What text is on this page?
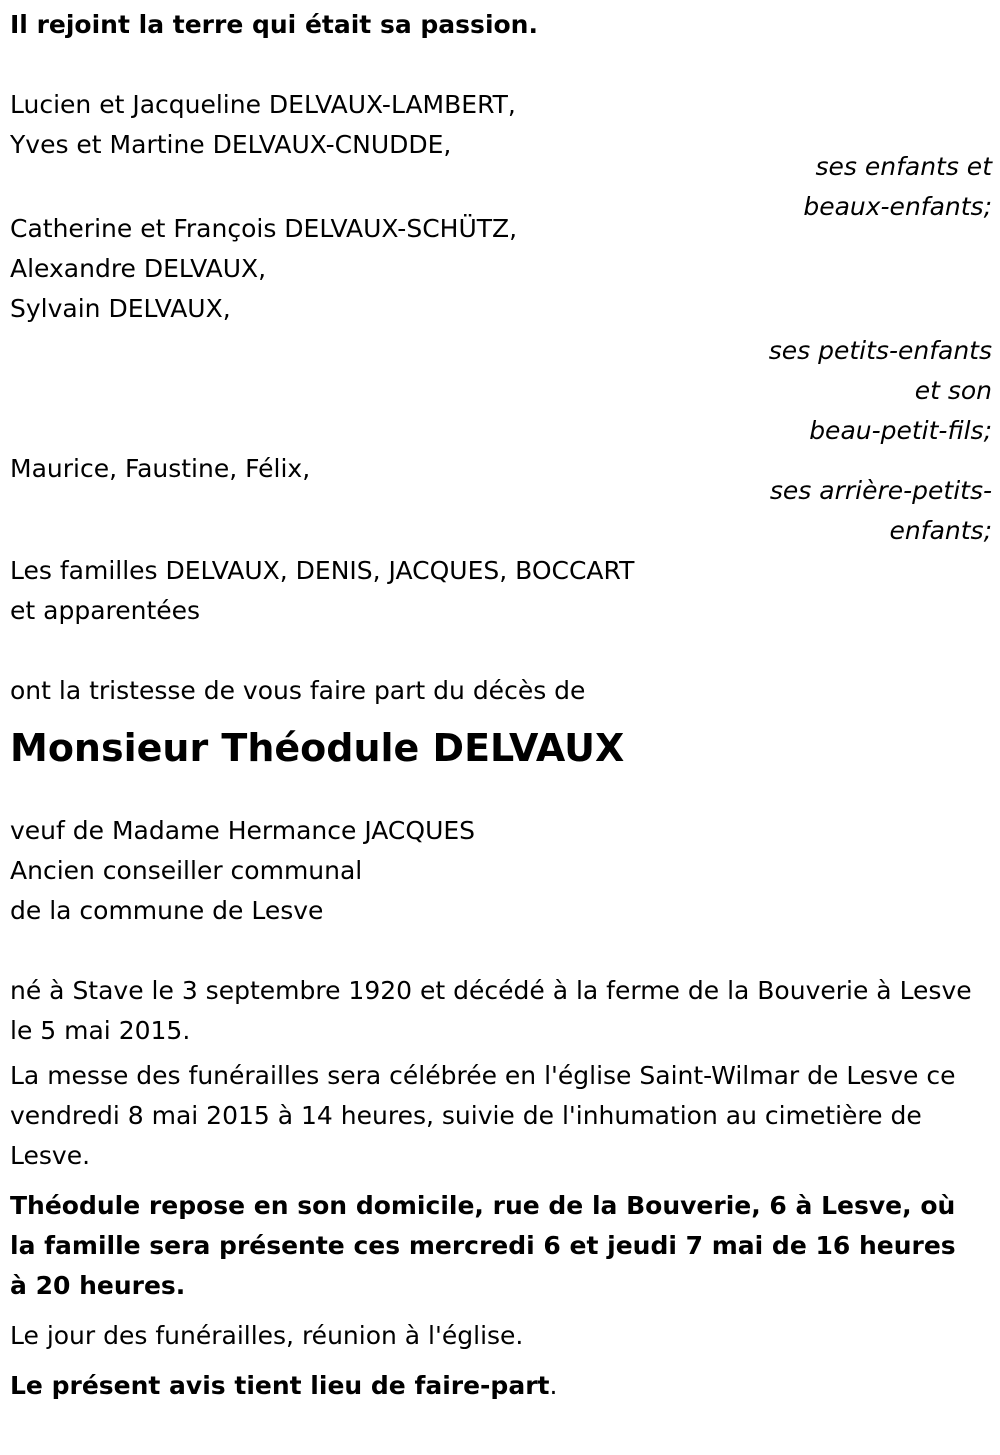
Il rejoint la terre qui était sa passion.
Lucien et Jacqueline DELVAUX-LAMBERT,
Yves et Martine DELVAUX-CNUDDE,
ses enfants et
beaux-enfants;
Catherine et François DELVAUX-SCHÜTZ,
Alexandre DELVAUX,
Sylvain DELVAUX,
ses petits-enfants
et son
beau-petit-fils;
Maurice, Faustine, Félix,
ses arrière-petits-
enfants;
Les familles DELVAUX, DENIS, JACQUES, BOCCART
et apparentées
ont la tristesse de vous faire part du décès de
Monsieur Théodule DELVAUX
veuf de Madame Hermance JACQUES
Ancien conseiller communal
de la commune de Lesve
né à Stave le 3 septembre 1920 et décédé à la ferme de la Bouverie à Lesve le 5 mai 2015.
La messe des funérailles sera célébrée en l'église Saint-Wilmar de Lesve ce vendredi 8 mai 2015 à 14 heures, suivie de l'inhumation au cimetière de Lesve.
Théodule repose en son domicile, rue de la Bouverie, 6 à Lesve, où la famille sera présente ces mercredi 6 et jeudi 7 mai de 16 heures à 20 heures.
Le jour des funérailles, réunion à l'église.
Le présent avis tient lieu de faire-part.
